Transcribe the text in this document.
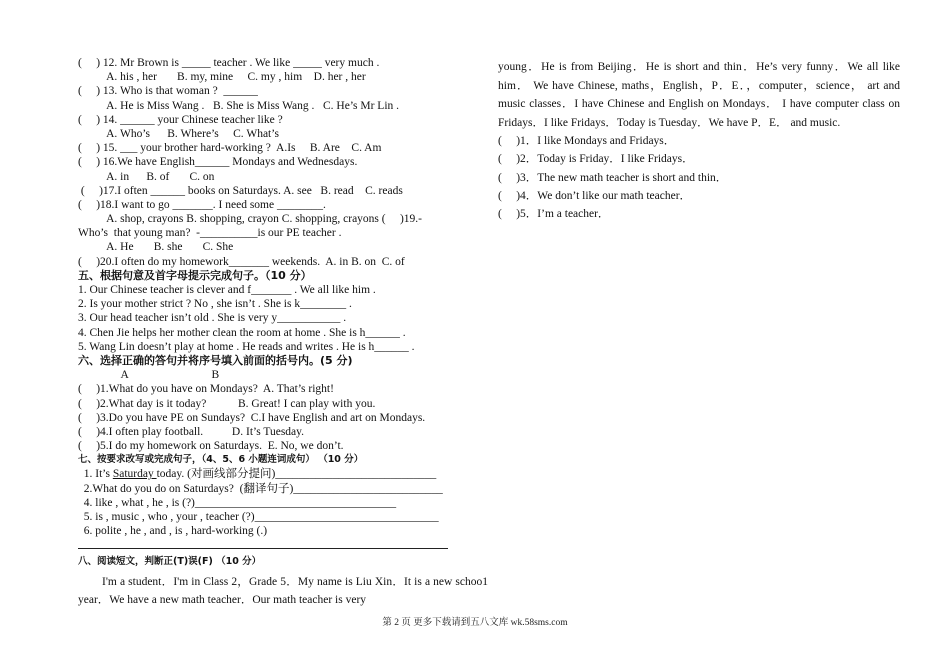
(     ) 12. Mr Brown is _____ teacher . We like _____ very much .
A. his , her       B. my, mine     C. my , him    D. her , her
(     ) 13. Who is that woman ?  ______
A. He is Miss Wang .   B. She is Miss Wang .   C. He’s Mr Lin .
(     ) 14. ______ your Chinese teacher like ?
A. Who’s      B. Where’s     C. What’s
(     ) 15. ___ your brother hard-working ?  A.Is     B. Are    C. Am
(     ) 16.We have English______ Mondays and Wednesdays.
A. in      B. of       C. on
(     )17.I often ______ books on Saturdays. A. see   B. read    C. reads
(     )18.I want to go _______. I need some ________.
A. shop, crayons B. shopping, crayon C. shopping, crayons (     )19.-
Who’s  that young man?  -__________is our PE teacher .
A. He       B. she       C. She
(     )20.I often do my homework_______ weekends.  A. in B. on  C. of
五、根据句意及首字母提示完成句子。（10 分）
1. Our Chinese teacher is clever and f_______ . We all like him .
2. Is your mother strict ? No , she isn’t . She is k________ .
3. Our head teacher isn’t old . She is very y___________ .
4. Chen Jie helps her mother clean the room at home . She is h______ .
5. Wang Lin doesn’t play at home . He reads and writes . He is h______ .
六、选择正确的答句并将序号填入前面的括号内。(5 分)
A                             B
(     )1.What do you have on Mondays?  A. That’s right!
(     )2.What day is it today?           B. Great! I can play with you.
(     )3.Do you have PE on Sundays?  C.I have English and art on Mondays.
(     )4.I often play football.          D. It’s Tuesday.
(     )5.I do my homework on Saturdays.  E. No, we don’t.
七、按要求改写或完成句子，（4、5、6 小题连词成句） （10 分）
1. It’s Saturday today. (对画线部分提问)____________________________
2.What do you do on Saturdays?  (翻译句子)__________________________
4. like , what , he , is (?)___________________________________
5. is , music , who , your , teacher (?)________________________________
6. polite , he , and , is , hard-working (.)
八、阅读短文，判断正(T)误(F) （10 分）

I'm a student．I'm in Class 2，Grade 5．My name is Liu Xin．It is a new schoo1 year．We have a new math teacher．Our math teacher is very

young．He is from Beijing．He is short and thin．He’s very funny．We all like him． We have Chinese, maths，English，P．E．，computer，science， art and music classes．I have Chinese and English on Mondays． I have computer class on Fridays．I like Fridays．Today is Tuesday．We have P．E． and music.

(     )1．I like Mondays and Fridays．
(     )2．Today is Friday．I like Fridays．
(     )3．The new math teacher is short and thin．
(     )4．We don’t like our math teacher．
(     )5．I’m a teacher．
第 2 页 更多下载请到五八文库 wk.58sms.com
